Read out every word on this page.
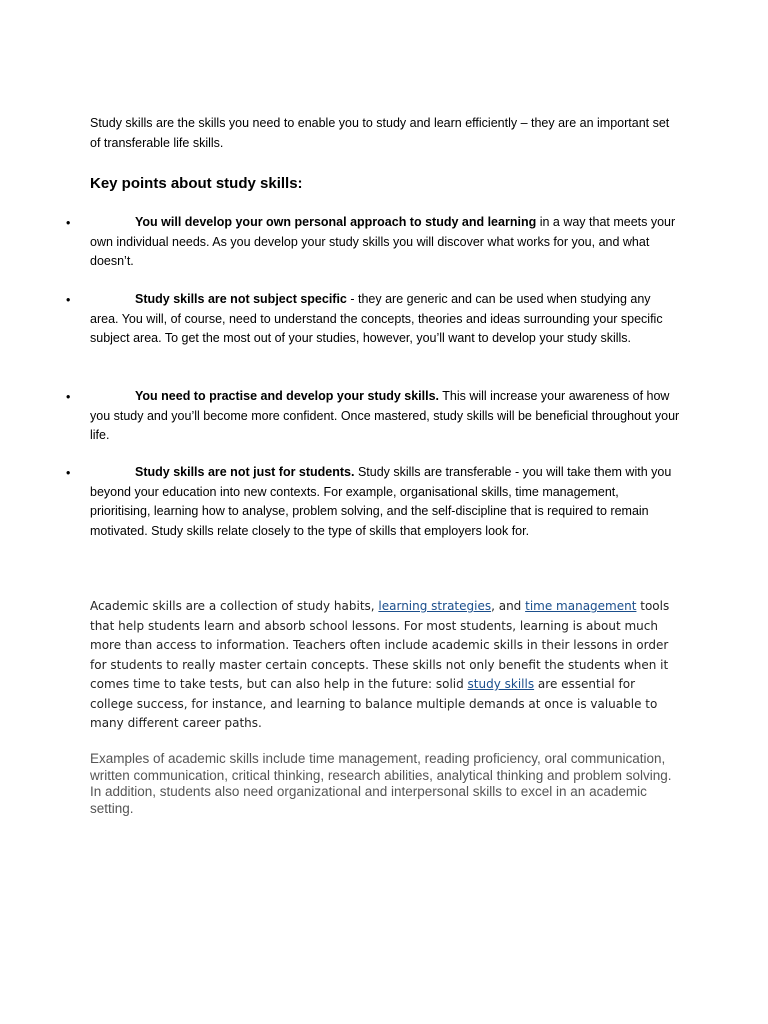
Study skills are the skills you need to enable you to study and learn efficiently – they are an important set of transferable life skills.

Key points about study skills:
•	You will develop your own personal approach to study and learning in a way that meets your own individual needs. As you develop your study skills you will discover what works for you, and what doesn’t.

•	Study skills are not subject specific - they are generic and can be used when studying any area. You will, of course, need to understand the concepts, theories and ideas surrounding your specific subject area. To get the most out of your studies, however, you’ll want to develop your study skills.

•	You need to practise and develop your study skills. This will increase your awareness of how you study and you’ll become more confident. Once mastered, study skills will be beneficial throughout your life.

•	Study skills are not just for students. Study skills are transferable - you will take them with you beyond your education into new contexts. For example, organisational skills, time management, prioritising, learning how to analyse, problem solving, and the self-discipline that is required to remain motivated. Study skills relate closely to the type of skills that employers look for.

Academic skills are a collection of study habits, learning strategies, and time management tools that help students learn and absorb school lessons. For most students, learning is about much more than access to information. Teachers often include academic skills in their lessons in order for students to really master certain concepts. These skills not only benefit the students when it comes time to take tests, but can also help in the future: solid study skills are essential for college success, for instance, and learning to balance multiple demands at once is valuable to many different career paths.

Examples of academic skills include time management, reading proficiency, oral communication, written communication, critical thinking, research abilities, analytical thinking and problem solving. In addition, students also need organizational and interpersonal skills to excel in an academic setting.
